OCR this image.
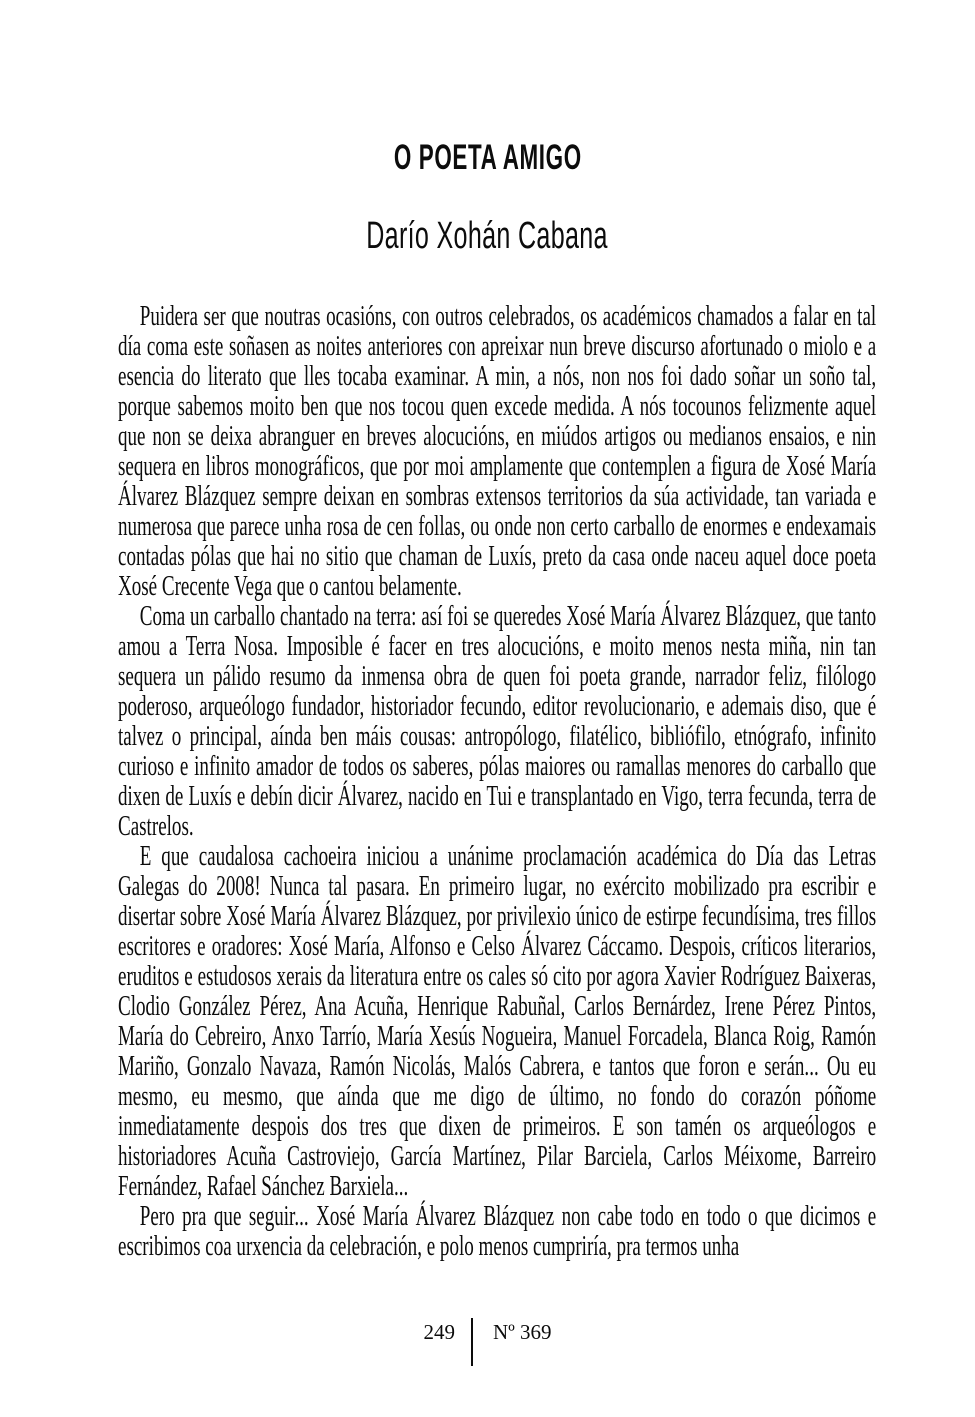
O POETA AMIGO
Darío Xohán Cabana

Puidera ser que noutras ocasións, con outros celebrados, os académicos chamados a falar en tal día coma este soñasen as noites anteriores con apreixar nun breve discurso afortunado o miolo e a esencia do literato que lles tocaba examinar. A min, a nós, non nos foi dado soñar un soño tal, porque sabemos moito ben que nos tocou quen excede medida. A nós tocounos felizmente aquel que non se deixa abranguer en breves alocucións, en miúdos artigos ou medianos ensaios, e nin sequera en libros monográficos, que por moi amplamente que contemplen a figura de Xosé María Álvarez Blázquez sempre deixan en sombras extensos territorios da súa actividade, tan variada e numerosa que parece unha rosa de cen follas, ou onde non certo carballo de enormes e endexamais contadas pólas que hai no sitio que chaman de Luxís, preto da casa onde naceu aquel doce poeta Xosé Crecente Vega que o cantou belamente.

Coma un carballo chantado na terra: así foi se queredes Xosé María Álvarez Blázquez, que tanto amou a Terra Nosa. Imposible é facer en tres alocucións, e moito menos nesta miña, nin tan sequera un pálido resumo da inmensa obra de quen foi poeta grande, narrador feliz, filólogo poderoso, arqueólogo fundador, historiador fecundo, editor revolucionario, e ademais diso, que é talvez o principal, aínda ben máis cousas: antropólogo, filatélico, bibliófilo, etnógrafo, infinito curioso e infinito amador de todos os saberes, pólas maiores ou ramallas menores do carballo que dixen de Luxís e debín dicir Álvarez, nacido en Tui e transplantado en Vigo, terra fecunda, terra de Castrelos.

E que caudalosa cachoeira iniciou a unánime proclamación académica do Día das Letras Galegas do 2008! Nunca tal pasara. En primeiro lugar, no exército mobilizado pra escribir e disertar sobre Xosé María Álvarez Blázquez, por privilexio único de estirpe fecundísima, tres fillos escritores e oradores: Xosé María, Alfonso e Celso Álvarez Cáccamo. Despois, críticos literarios, eruditos e estudosos xerais da literatura entre os cales só cito por agora Xavier Rodríguez Baixeras, Clodio González Pérez, Ana Acuña, Henrique Rabuñal, Carlos Bernárdez, Irene Pérez Pintos, María do Cebreiro, Anxo Tarrío, María Xesús Nogueira, Manuel Forcadela, Blanca Roig, Ramón Mariño, Gonzalo Navaza, Ramón Nicolás, Malós Cabrera, e tantos que foron e serán... Ou eu mesmo, eu mesmo, que aínda que me digo de último, no fondo do corazón póñome inmediatamente despois dos tres que dixen de primeiros. E son tamén os arqueólogos e historiadores Acuña Castroviejo, García Martínez, Pilar Barciela, Carlos Méixome, Barreiro Fernández, Rafael Sánchez Barxiela...

Pero pra que seguir... Xosé María Álvarez Blázquez non cabe todo en todo o que dicimos e escribimos coa urxencia da celebración, e polo menos cumpriría, pra termos unha

249 Nº 369
